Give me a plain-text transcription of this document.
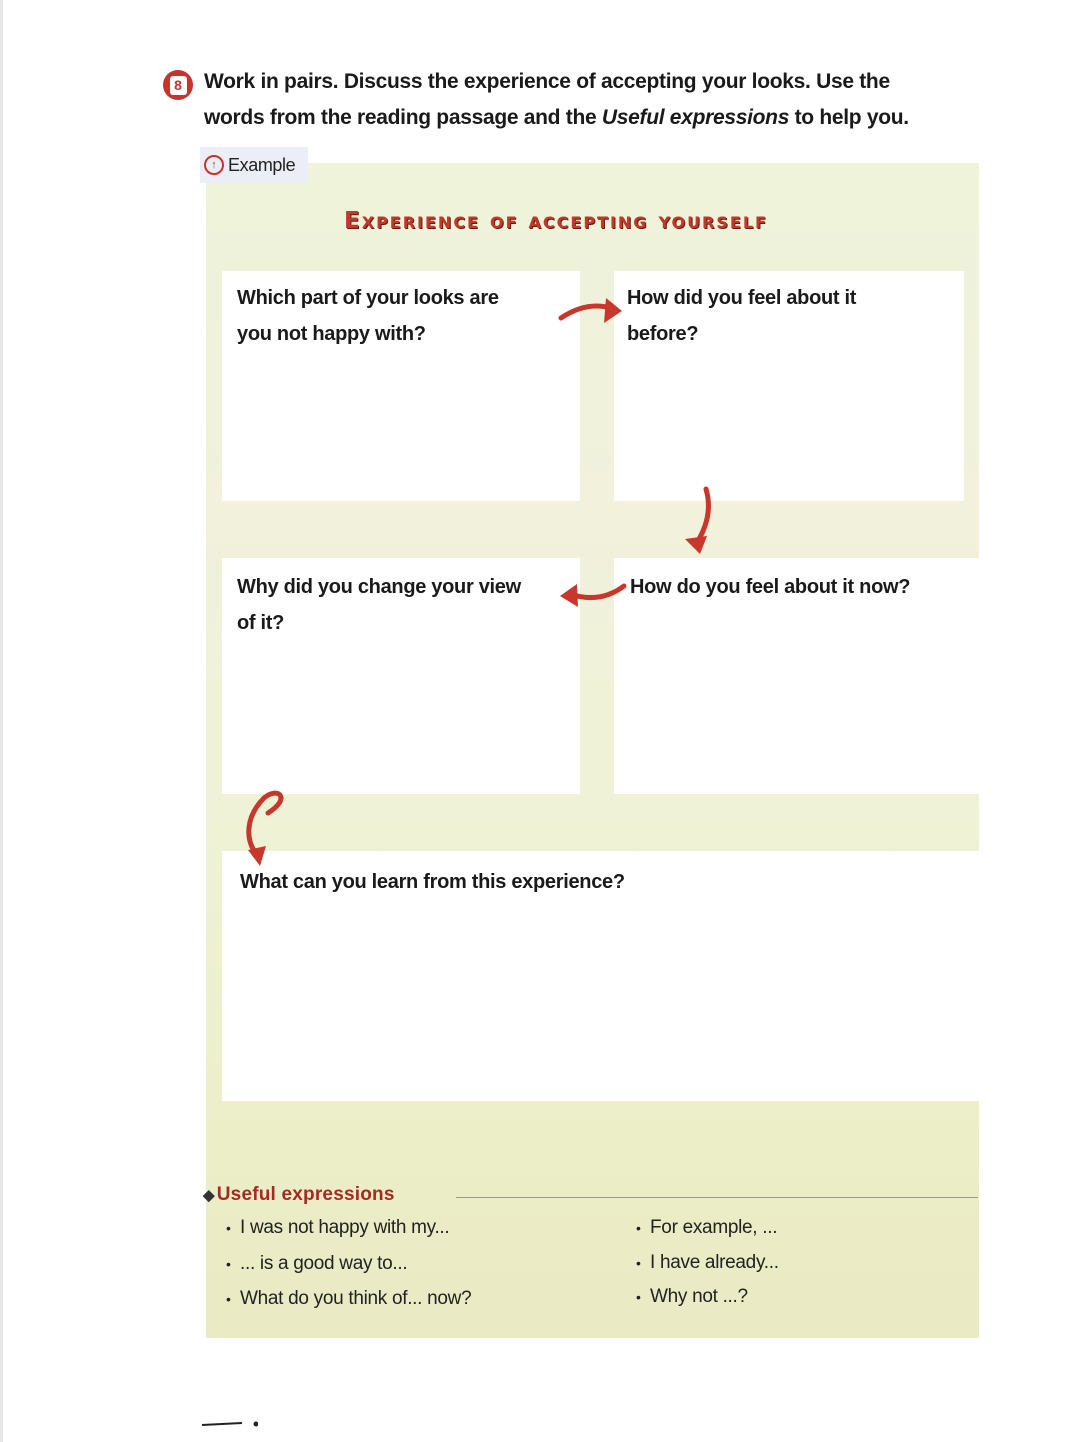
8	Work in pairs. Discuss the experience of accepting your looks. Use the
words from the reading passage and the Useful expressions to help you.
↑ Example
Experience of accepting yourself
Which part of your looks are
you not happy with?
How did you feel about it
before?
Why did you change your view
of it?
How do you feel about it now?
What can you learn from this experience?
◆ Useful expressions
• I was not happy with my...
• ... is a good way to...
• What do you think of... now?
• For example, ...
• I have already...
• Why not ...?
